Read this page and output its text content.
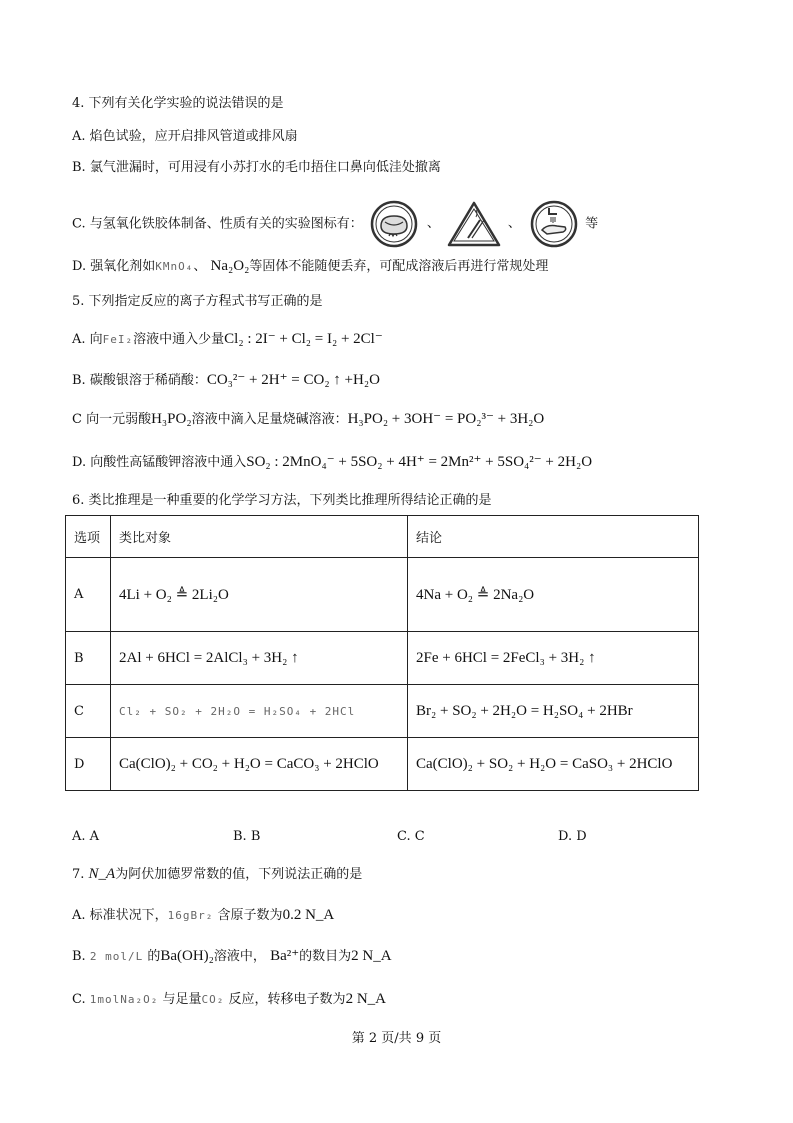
4. 下列有关化学实验的说法错误的是
A. 焰色试验，应开启排风管道或排风扇
B. 氯气泄漏时，可用浸有小苏打水的毛巾捂住口鼻向低洼处撤离
C. 与氢氧化铁胶体制备、性质有关的实验图标有：	、	、	等
D. 强氧化剂如KMnO₄、 Na₂O₂等固体不能随便丢弃，可配成溶液后再进行常规处理
5. 下列指定反应的离子方程式书写正确的是
A. 向FeI₂溶液中通入少量Cl₂ : 2I⁻ + Cl₂ = I₂ + 2Cl⁻
B. 碳酸银溶于稀硝酸：CO₃²⁻ + 2H⁺ = CO₂ ↑ +H₂O
C 向一元弱酸H₃PO₂溶液中滴入足量烧碱溶液：H₃PO₂ + 3OH⁻ = PO₂³⁻ + 3H₂O
D. 向酸性高锰酸钾溶液中通入SO₂ : 2MnO₄⁻ + 5SO₂ + 4H⁺ = 2Mn²⁺ + 5SO₄²⁻ + 2H₂O
6. 类比推理是一种重要的化学学习方法，下列类比推理所得结论正确的是
选项	类比对象	结论
A	4Li + O₂ ≜ 2Li₂O	4Na + O₂ ≜ 2Na₂O
B	2Al + 6HCl = 2AlCl₃ + 3H₂ ↑	2Fe + 6HCl = 2FeCl₃ + 3H₂ ↑
C	Cl₂ + SO₂ + 2H₂O = H₂SO₄ + 2HCl	Br₂ + SO₂ + 2H₂O = H₂SO₄ + 2HBr
D	Ca(ClO)₂ + CO₂ + H₂O = CaCO₃ + 2HClO	Ca(ClO)₂ + SO₂ + H₂O = CaSO₃ + 2HClO
A. A	B. B	C. C	D. D
7. N_A为阿伏加德罗常数的值，下列说法正确的是
A. 标准状况下，16gBr₂ 含原子数为0.2 N_A
B. 2 mol/L 的Ba(OH)₂溶液中， Ba²⁺的数目为2 N_A
C. 1molNa₂O₂ 与足量CO₂ 反应，转移电子数为2 N_A
第 2 页/共 9 页
